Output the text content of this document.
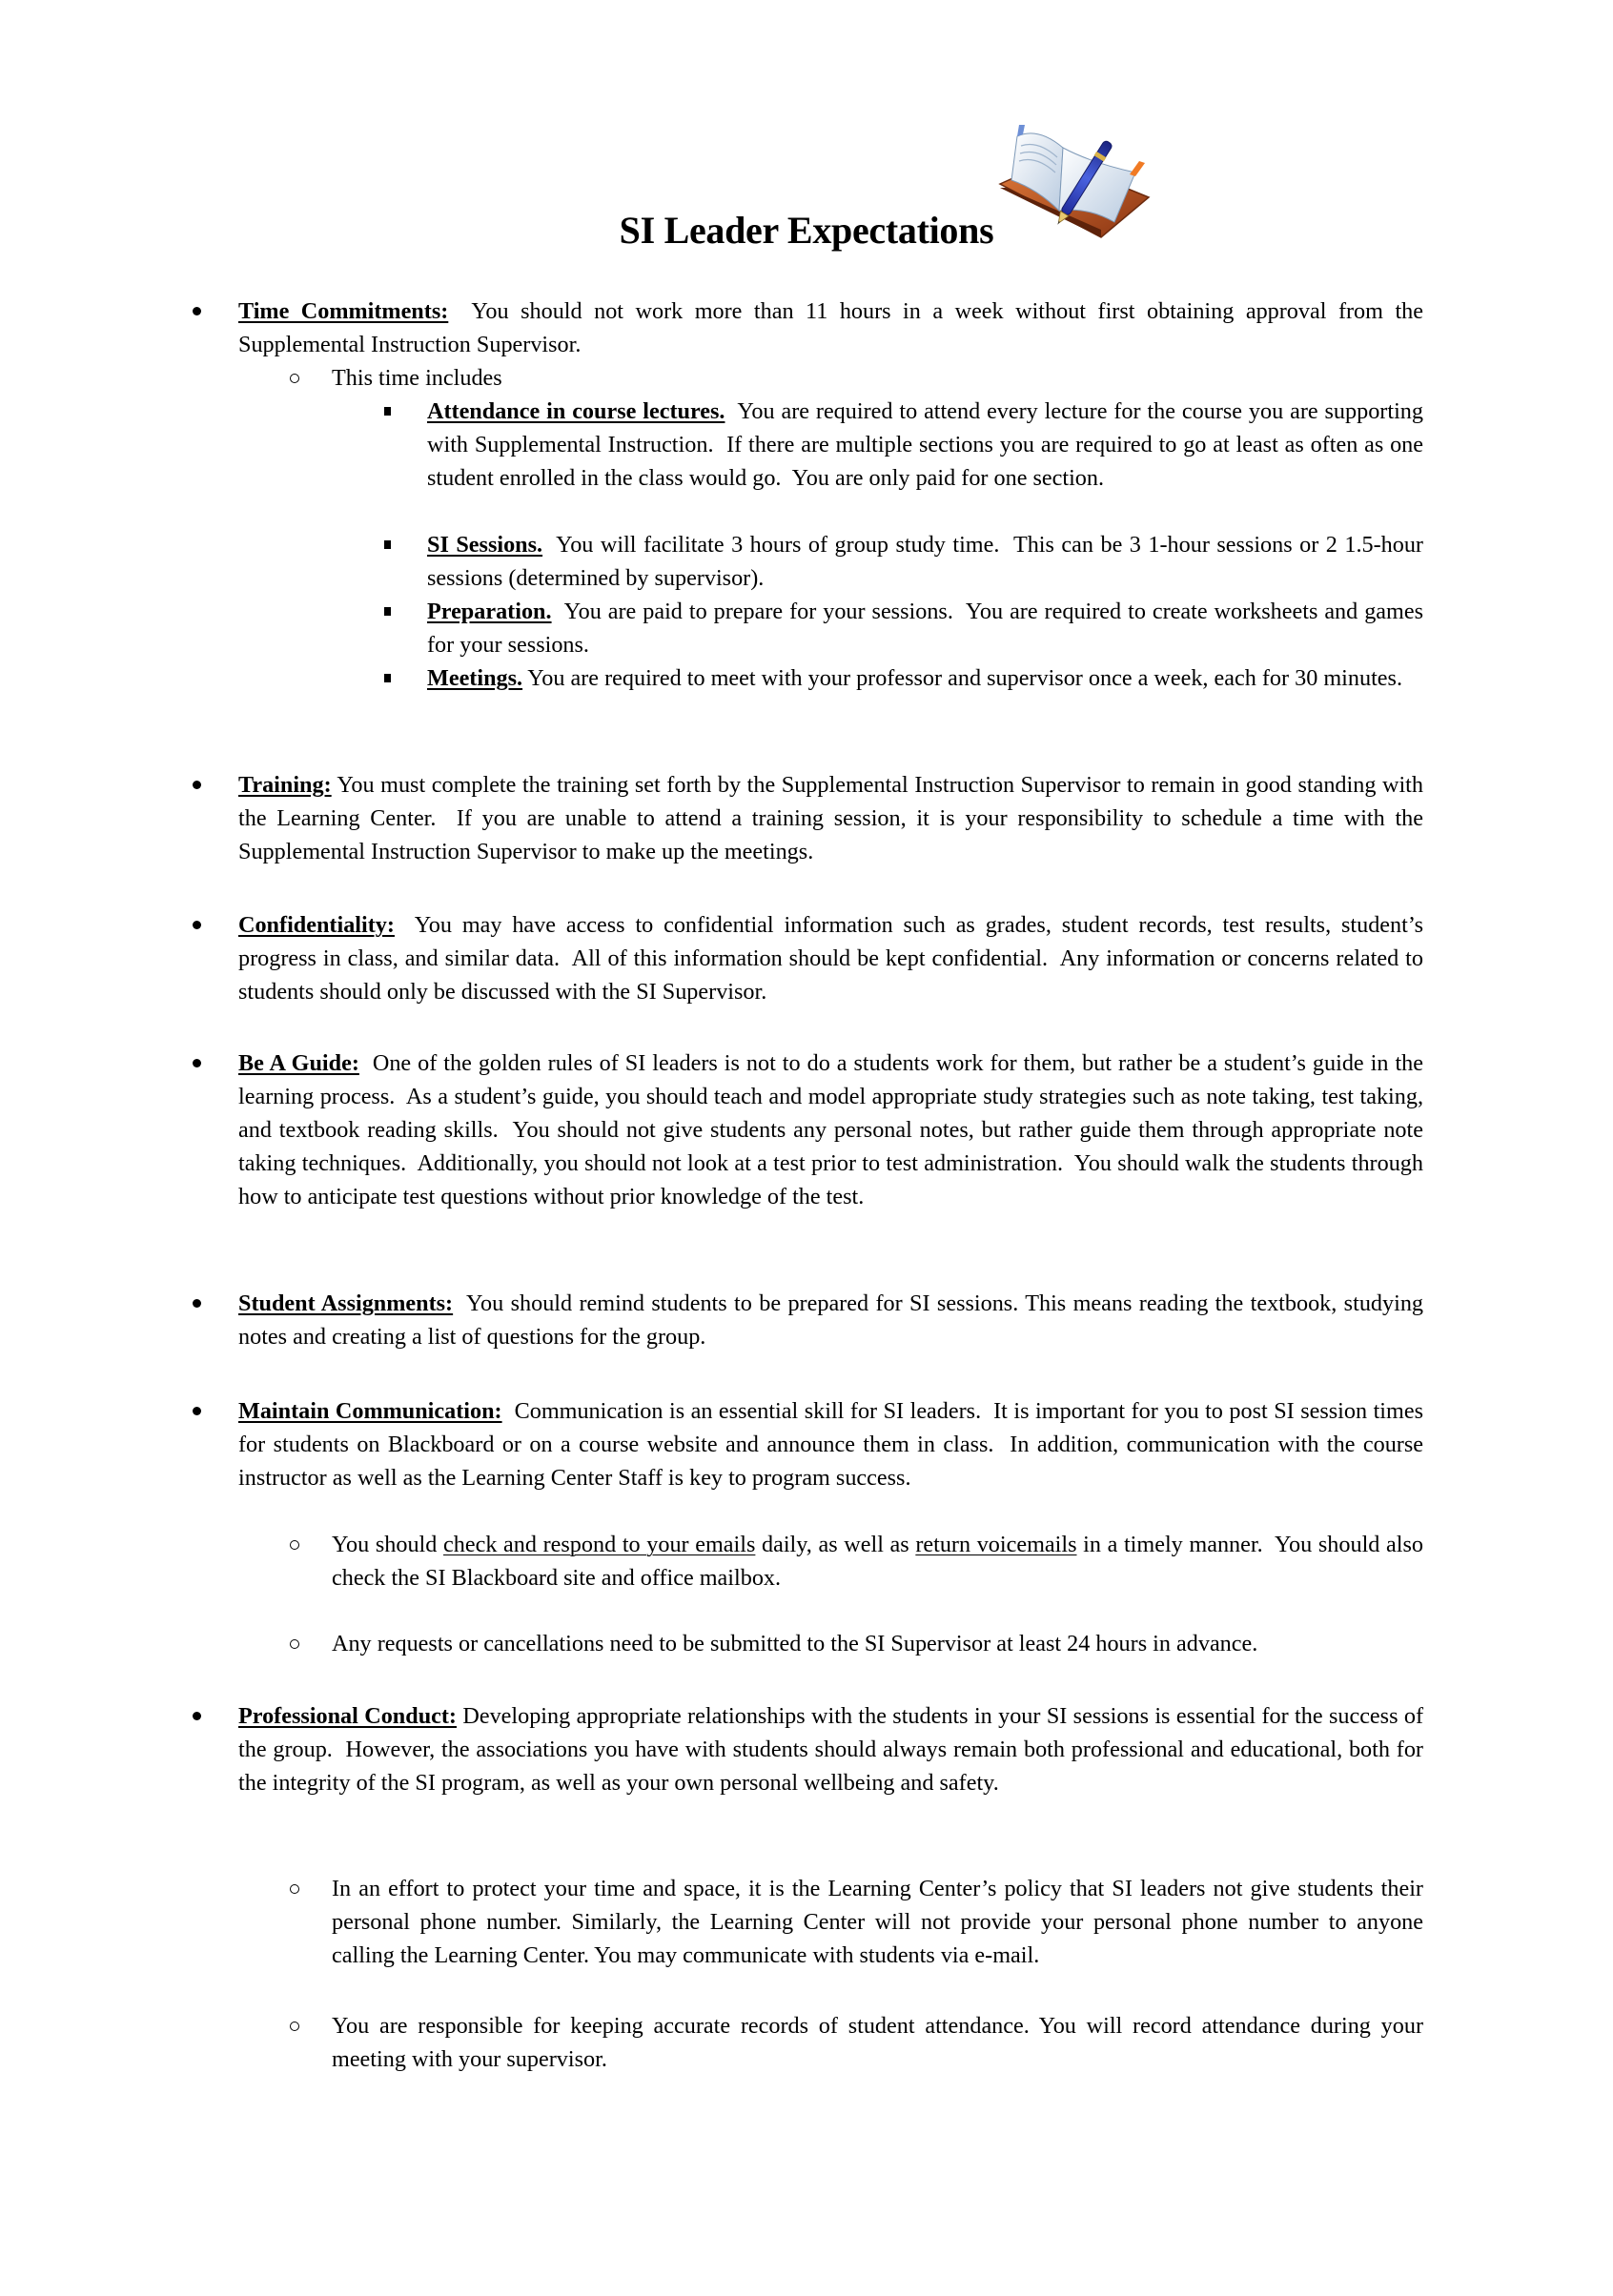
SI Leader Expectations
Time Commitments:  You should not work more than 11 hours in a week without first obtaining approval from the Supplemental Instruction Supervisor.
This time includes
Attendance in course lectures.  You are required to attend every lecture for the course you are supporting with Supplemental Instruction.  If there are multiple sections you are required to go at least as often as one student enrolled in the class would go.  You are only paid for one section.
SI Sessions.  You will facilitate 3 hours of group study time.  This can be 3 1-hour sessions or 2 1.5-hour sessions (determined by supervisor).
Preparation.  You are paid to prepare for your sessions.  You are required to create worksheets and games for your sessions.
Meetings. You are required to meet with your professor and supervisor once a week, each for 30 minutes.
Training: You must complete the training set forth by the Supplemental Instruction Supervisor to remain in good standing with the Learning Center.  If you are unable to attend a training session, it is your responsibility to schedule a time with the Supplemental Instruction Supervisor to make up the meetings.
Confidentiality:  You may have access to confidential information such as grades, student records, test results, student’s progress in class, and similar data.  All of this information should be kept confidential.  Any information or concerns related to students should only be discussed with the SI Supervisor.
Be A Guide:  One of the golden rules of SI leaders is not to do a students work for them, but rather be a student’s guide in the learning process.  As a student’s guide, you should teach and model appropriate study strategies such as note taking, test taking, and textbook reading skills.  You should not give students any personal notes, but rather guide them through appropriate note taking techniques.  Additionally, you should not look at a test prior to test administration.  You should walk the students through how to anticipate test questions without prior knowledge of the test.
Student Assignments:  You should remind students to be prepared for SI sessions. This means reading the textbook, studying notes and creating a list of questions for the group.
Maintain Communication:  Communication is an essential skill for SI leaders.  It is important for you to post SI session times for students on Blackboard or on a course website and announce them in class.  In addition, communication with the course instructor as well as the Learning Center Staff is key to program success.
You should check and respond to your emails daily, as well as return voicemails in a timely manner.  You should also check the SI Blackboard site and office mailbox.
Any requests or cancellations need to be submitted to the SI Supervisor at least 24 hours in advance.
Professional Conduct: Developing appropriate relationships with the students in your SI sessions is essential for the success of the group.  However, the associations you have with students should always remain both professional and educational, both for the integrity of the SI program, as well as your own personal wellbeing and safety.
In an effort to protect your time and space, it is the Learning Center’s policy that SI leaders not give students their personal phone number. Similarly, the Learning Center will not provide your personal phone number to anyone calling the Learning Center. You may communicate with students via e-mail.
You are responsible for keeping accurate records of student attendance. You will record attendance during your meeting with your supervisor.
